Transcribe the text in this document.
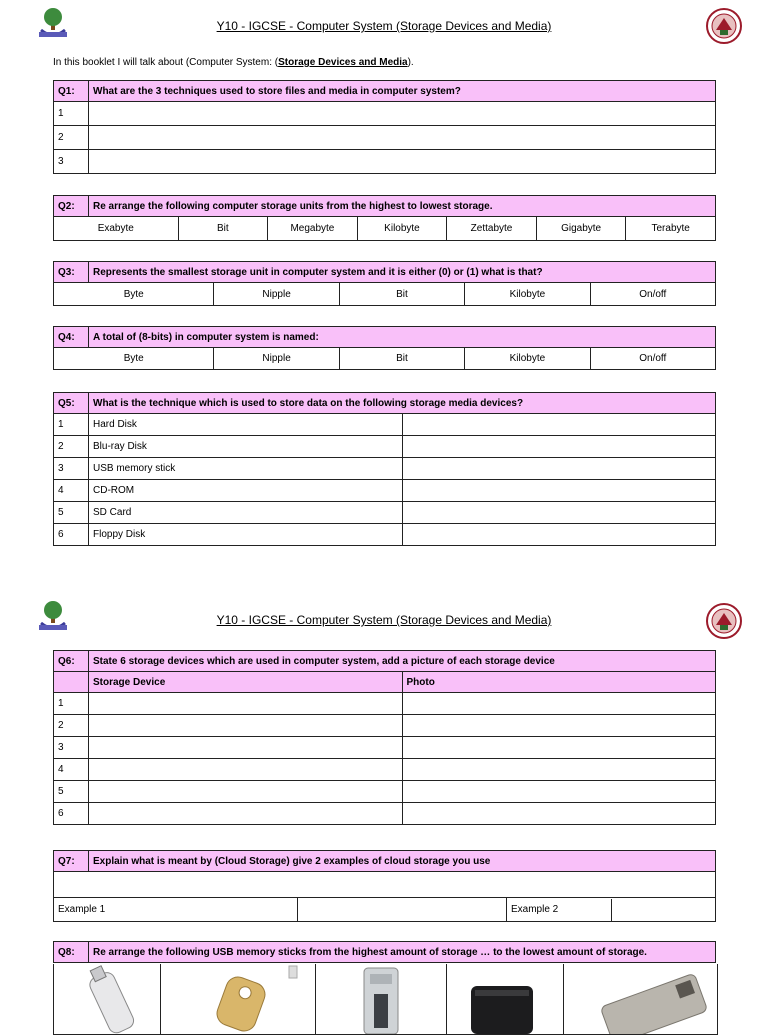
Y10 - IGCSE - Computer System (Storage Devices and Media)
In this booklet I will talk about (Computer System: (Storage Devices and Media).
Q1:	What are the 3 techniques used to store files and media in computer system?
1	
2	
3	
Q2:	Re arrange the following computer storage units from the highest to lowest storage.						
Exabyte		Bit	Megabyte	Kilobyte	Zettabyte	Gigabyte	Terabyte
Q3:	Represents the smallest storage unit in computer system and it is either (0) or (1) what is that?				
Byte		Nipple	Bit	Kilobyte	On/off
Q4:	A total of (8-bits) in computer system is named:				
Byte		Nipple	Bit	Kilobyte	On/off
Q5:	What is the technique which is used to store data on the following storage media devices?	
1	Hard Disk	
2	Blu-ray Disk	
3	USB memory stick	
4	CD-ROM	
5	SD Card	
6	Floppy Disk	
Y10 - IGCSE - Computer System (Storage Devices and Media)
Q6:	State 6 storage devices which are used in computer system, add a picture of each storage device	
	Storage Device	Photo
1		
2		
3		
4		
5		
6		
Q7:	Explain what is meant by (Cloud Storage) give 2 examples of cloud storage you use

Example 1			Example 2	
Q8:	Re arrange the following USB memory sticks from the highest amount of storage … to the lowest amount of storage.
